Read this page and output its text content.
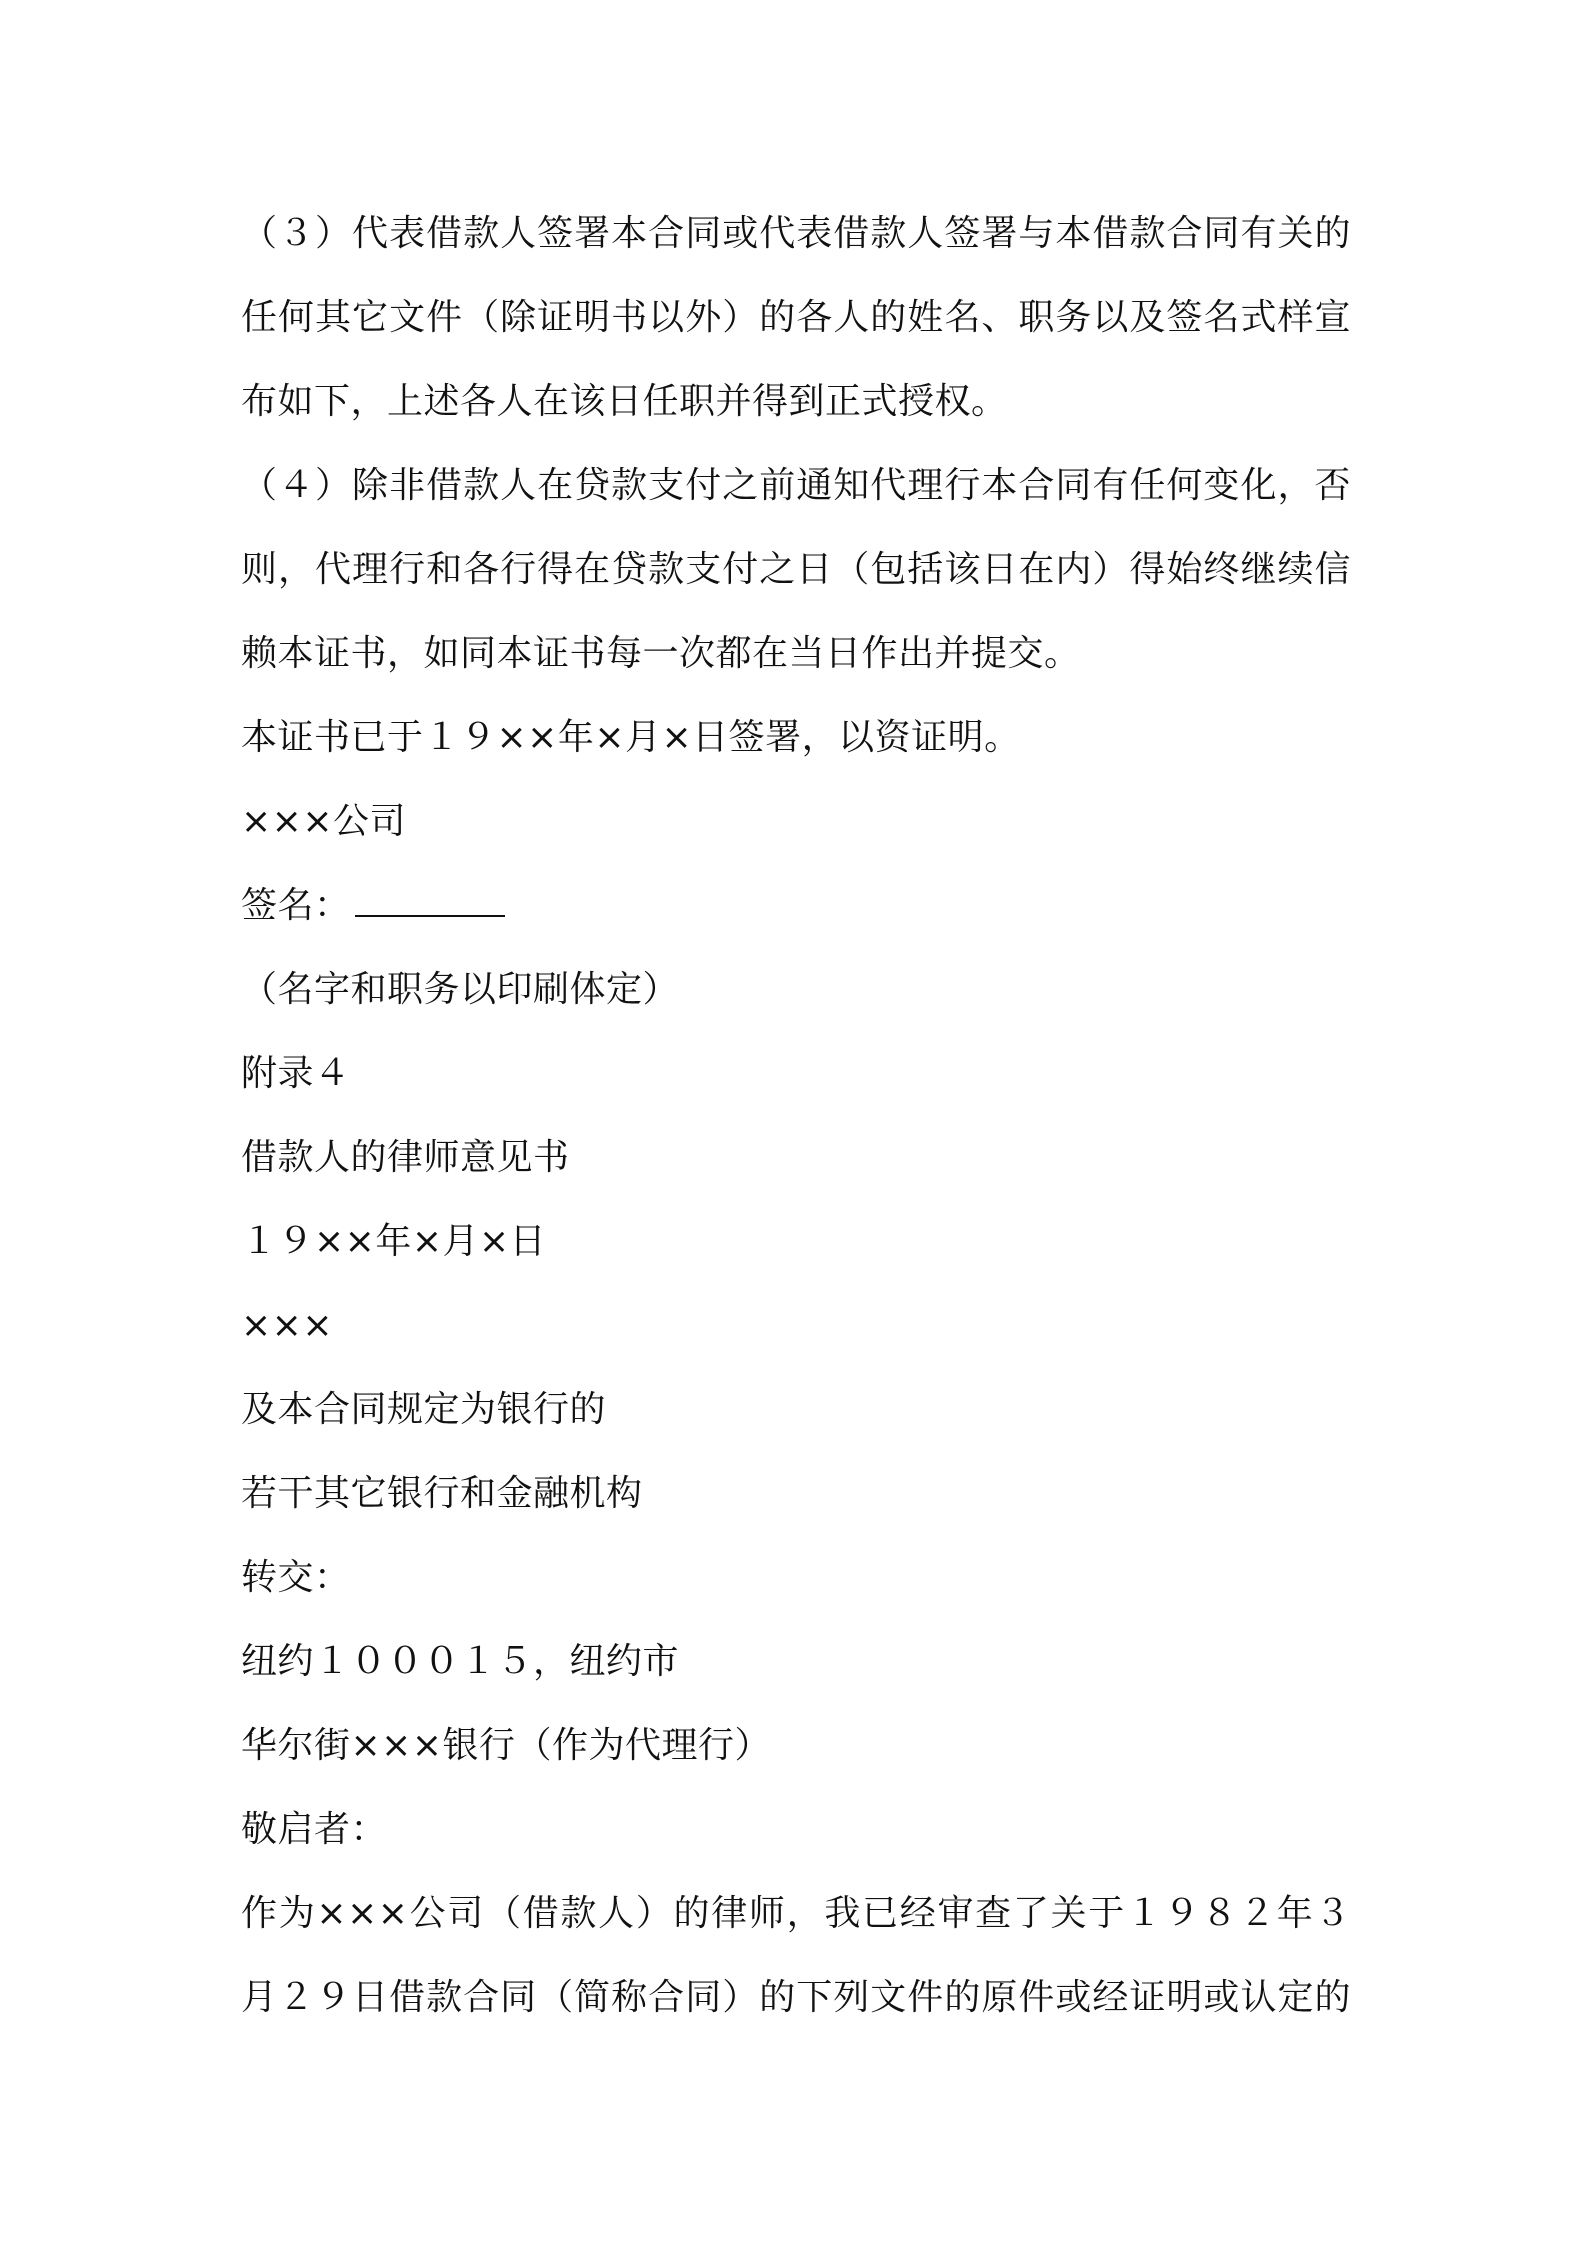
（３）代表借款人签署本合同或代表借款人签署与本借款合同有关的
任何其它文件（除证明书以外）的各人的姓名、职务以及签名式样宣
布如下，上述各人在该日任职并得到正式授权。
（４）除非借款人在贷款支付之前通知代理行本合同有任何变化，否
则，代理行和各行得在贷款支付之日（包括该日在内）得始终继续信
赖本证书，如同本证书每一次都在当日作出并提交。
本证书已于１９××年×月×日签署，以资证明。
×××公司
签名：
（名字和职务以印刷体定）
附录４
借款人的律师意见书
１９××年×月×日
×××
及本合同规定为银行的
若干其它银行和金融机构
转交：
纽约１０００１５，纽约市
华尔街×××银行（作为代理行）
敬启者：
作为×××公司（借款人）的律师，我已经审查了关于１９８２年３
月２９日借款合同（简称合同）的下列文件的原件或经证明或认定的
